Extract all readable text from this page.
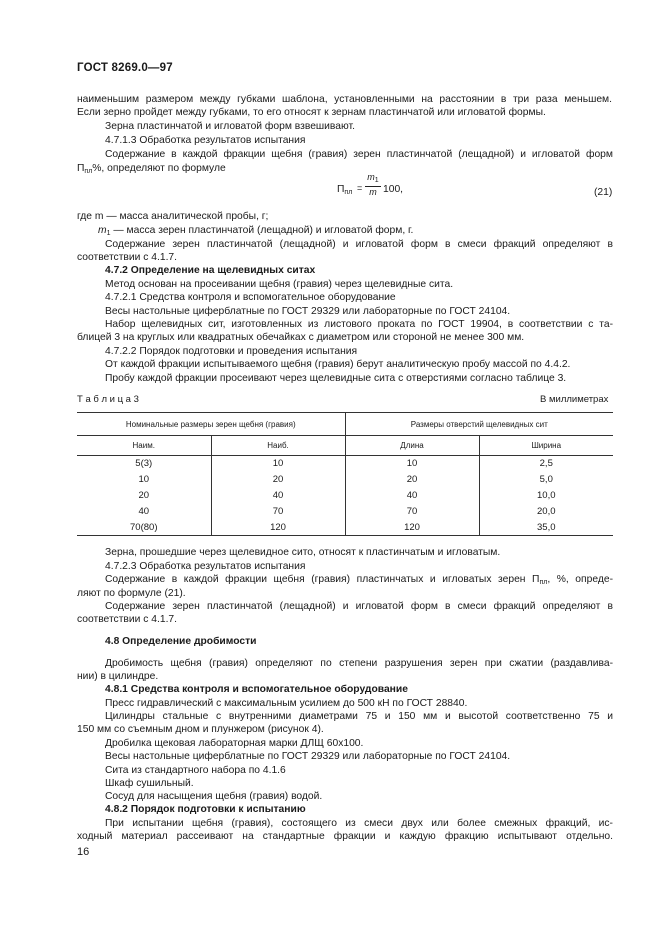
ГОСТ 8269.0—97
наименьшим размером между губками шаблона, установленными на расстоянии в три раза меньшем.
Если зерно пройдет между губками, то его относят к зернам пластинчатой или игловатой формы.
Зерна пластинчатой и игловатой форм взвешивают.
4.7.1.3 Обработка результатов испытания
Содержание в каждой фракции щебня (гравия) зерен пластинчатой (лещадной) и игловатой форм
$П_{пл}\%$, определяют по формуле
$П_{пл} = \frac{m_1}{m} 100$,	(21)
где m — масса аналитической пробы, г;
$m_1$ — масса зерен пластинчатой (лещадной) и игловатой форм, г.
Содержание зерен пластинчатой (лещадной) и игловатой форм в смеси фракций определяют в
соответствии с 4.1.7.
4.7.2 Определение на щелевидных ситах
Метод основан на просеивании щебня (гравия) через щелевидные сита.
4.7.2.1 Средства контроля и вспомогательное оборудование
Весы настольные циферблатные по ГОСТ 29329 или лабораторные по ГОСТ 24104.
Набор щелевидных сит, изготовленных из листового проката по ГОСТ 19904, в соответствии с та-
блицей 3 на круглых или квадратных обечайках с диаметром или стороной не менее 300 мм.
4.7.2.2 Порядок подготовки и проведения испытания
От каждой фракции испытываемого щебня (гравия) берут аналитическую пробу массой по 4.4.2.
Пробу каждой фракции просеивают через щелевидные сита с отверстиями согласно таблице 3.
Т а б л и ц а 3	В миллиметрах
Номинальные размеры зерен щебня (гравия)		Размеры отверстий щелевидных сит	
Наим.	Наиб.	Длина	Ширина
5(3)	10	10	2,5
10	20	20	5,0
20	40	40	10,0
40	70	70	20,0
70(80)	120	120	35,0
Зерна, прошедшие через щелевидное сито, относят к пластинчатым и игловатым.
4.7.2.3 Обработка результатов испытания
Содержание в каждой фракции щебня (гравия) пластинчатых и игловатых зерен $П_{пл}$, %, опреде-
ляют по формуле (21).
Содержание зерен пластинчатой (лещадной) и игловатой форм в смеси фракций определяют в
соответствии с 4.1.7.
4.8 Определение дробимости
Дробимость щебня (гравия) определяют по степени разрушения зерен при сжатии (раздавлива-
нии) в цилиндре.
4.8.1 Средства контроля и вспомогательное оборудование
Пресс гидравлический с максимальным усилием до 500 кН по ГОСТ 28840.
Цилиндры стальные с внутренними диаметрами 75 и 150 мм и высотой соответственно 75 и
150 мм со съемным дном и плунжером (рисунок 4).
Дробилка щековая лабораторная марки ДЛЩ 60х100.
Весы настольные циферблатные по ГОСТ 29329 или лабораторные по ГОСТ 24104.
Сита из стандартного набора по 4.1.6
Шкаф сушильный.
Сосуд для насыщения щебня (гравия) водой.
4.8.2 Порядок подготовки к испытанию
При испытании щебня (гравия), состоящего из смеси двух или более смежных фракций, ис-
ходный материал рассеивают на стандартные фракции и каждую фракцию испытывают отдельно.
16
